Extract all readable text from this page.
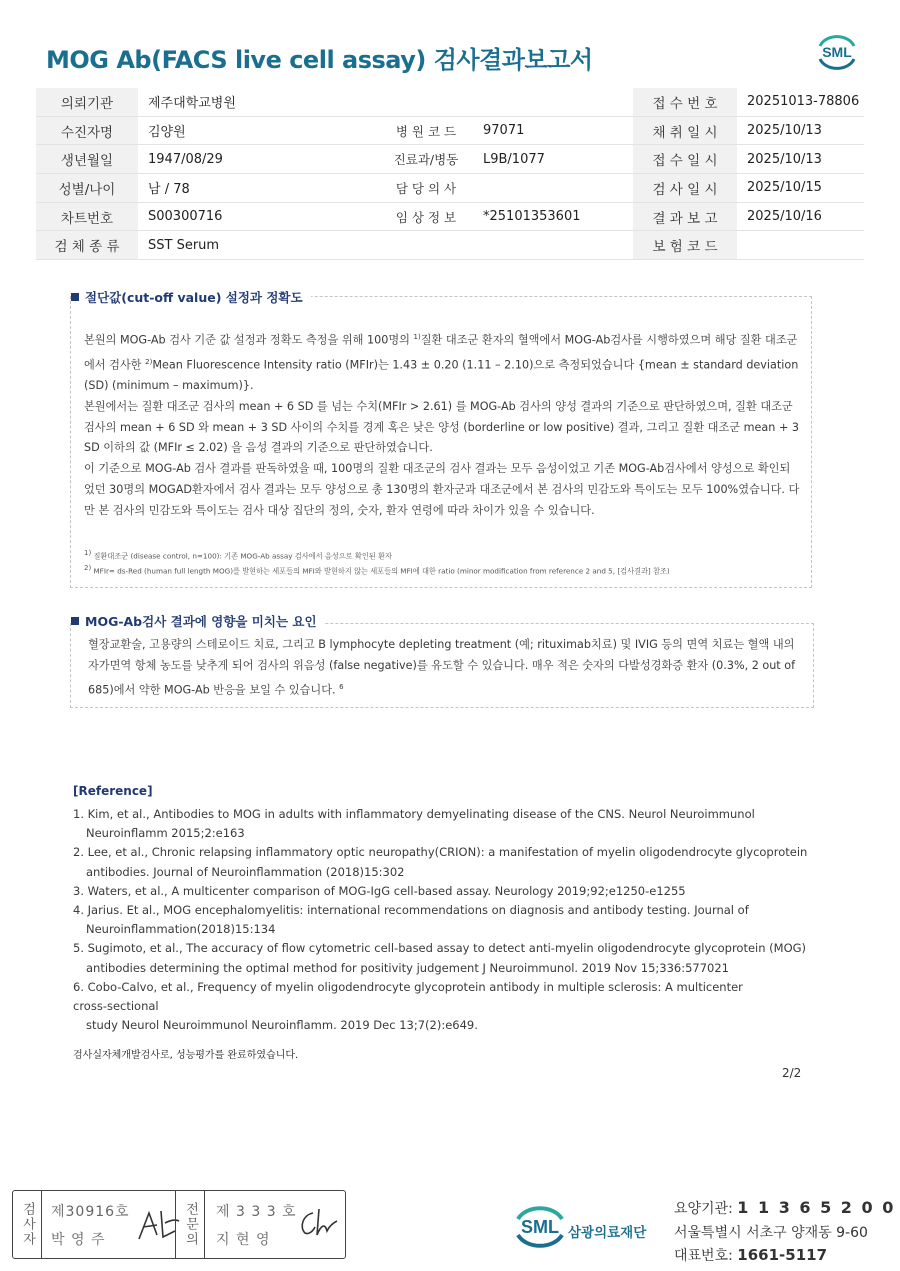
MOG Ab(FACS live cell assay) 검사결과보고서	SML
의뢰기관	제주대학교병원			접 수 번 호	20251013-78806
수진자명	김양원	병 원 코 드	97071	채 취 일 시	2025/10/13
생년월일	1947/08/29	진료과/병동	L9B/1077	접 수 일 시	2025/10/13
성별/나이	남 / 78	담 당 의 사		검 사 일 시	2025/10/15
차트번호	S00300716	임 상 정 보	*25101353601	결 과 보 고	2025/10/16
검 체 종 류	SST Serum			보 험 코 드	
절단값(cut-off value) 설정과 정확도

본원의 MOG-Ab 검사 기준 값 설정과 정확도 측정을 위해 100명의 $^{1)}$질환 대조군 환자의 혈액에서 MOG-Ab검사를 시행하였으며 해당 질환 대조군에서 검사한 $^{2)}$Mean Fluorescence Intensity ratio (MFIr)는 1.43 ± 0.20 (1.11 – 2.10)으로 측정되었습니다 {mean ± standard deviation (SD) (minimum – maximum)}.

본원에서는 질환 대조군 검사의 mean + 6 SD 를 넘는 수치(MFIr > 2.61) 를 MOG-Ab 검사의 양성 결과의 기준으로 판단하였으며, 질환 대조군 검사의 mean + 6 SD 와 mean + 3 SD 사이의 수치를 경계 혹은 낮은 양성 (borderline or low positive) 결과, 그리고 질환 대조군 mean + 3 SD 이하의 값 (MFIr ≤ 2.02) 을 음성 결과의 기준으로 판단하였습니다.

이 기준으로 MOG-Ab 검사 결과를 판독하였을 때, 100명의 질환 대조군의 검사 결과는 모두 음성이었고 기존 MOG-Ab검사에서 양성으로 확인되었던 30명의 MOGAD환자에서 검사 결과는 모두 양성으로 총 130명의 환자군과 대조군에서 본 검사의 민감도와 특이도는 모두 100%였습니다. 다만 본 검사의 민감도와 특이도는 검사 대상 집단의 정의, 숫자, 환자 연령에 따라 차이가 있을 수 있습니다.

$^{1)}$ 질환대조군 (disease control, n=100): 기존 MOG-Ab assay 검사에서 음성으로 확인된 환자
$^{2)}$ MFIr= ds-Red (human full length MOG)를 발현하는 세포들의 MFI와 발현하지 않는 세포들의 MFI에 대한 ratio (minor modification from reference 2 and 5, [검사결과] 참조)
MOG-Ab검사 결과에 영향을 미치는 요인

혈장교환술, 고용량의 스테로이드 치료, 그리고 B lymphocyte depleting treatment (예; rituximab치료) 및 IVIG 등의 면역 치료는 혈액 내의 자가면역 항체 농도를 낮추게 되어 검사의 위음성 (false negative)를 유도할 수 있습니다. 매우 적은 숫자의 다발성경화증 환자 (0.3%, 2 out of 685)에서 약한 MOG-Ab 반응을 보일 수 있습니다. $^6$

[Reference]
1. Kim, et al., Antibodies to MOG in adults with inflammatory demyelinating disease of the CNS. Neurol Neuroimmunol
Neuroinflamm 2015;2:e163
2. Lee, et al., Chronic relapsing inflammatory optic neuropathy(CRION): a manifestation of myelin oligodendrocyte glycoprotein
antibodies. Journal of Neuroinflammation (2018)15:302
3. Waters, et al., A multicenter comparison of MOG-IgG cell-based assay. Neurology 2019;92;e1250-e1255
4. Jarius. Et al., MOG encephalomyelitis: international recommendations on diagnosis and antibody testing. Journal of
Neuroinflammation(2018)15:134
5. Sugimoto, et al., The accuracy of flow cytometric cell-based assay to detect anti-myelin oligodendrocyte glycoprotein (MOG)
antibodies determining the optimal method for positivity judgement J Neuroimmunol. 2019 Nov 15;336:577021
6. Cobo-Calvo, et al., Frequency of myelin oligodendrocyte glycoprotein antibody in multiple sclerosis: A multicenter
cross-sectional
study Neurol Neuroimmunol Neuroinflamm. 2019 Dec 13;7(2):e649.
검사실자체개발검사로, 성능평가를 완료하였습니다.
2/2
검사자 제30916호
박 영 주	전문의 제 3 3 3 호
지 현 영
SML 삼광의료재단
요양기관: 1 1 3 6 5 2 0 0
서울특별시 서초구 양재동 9-60
대표번호: 1661-5117
